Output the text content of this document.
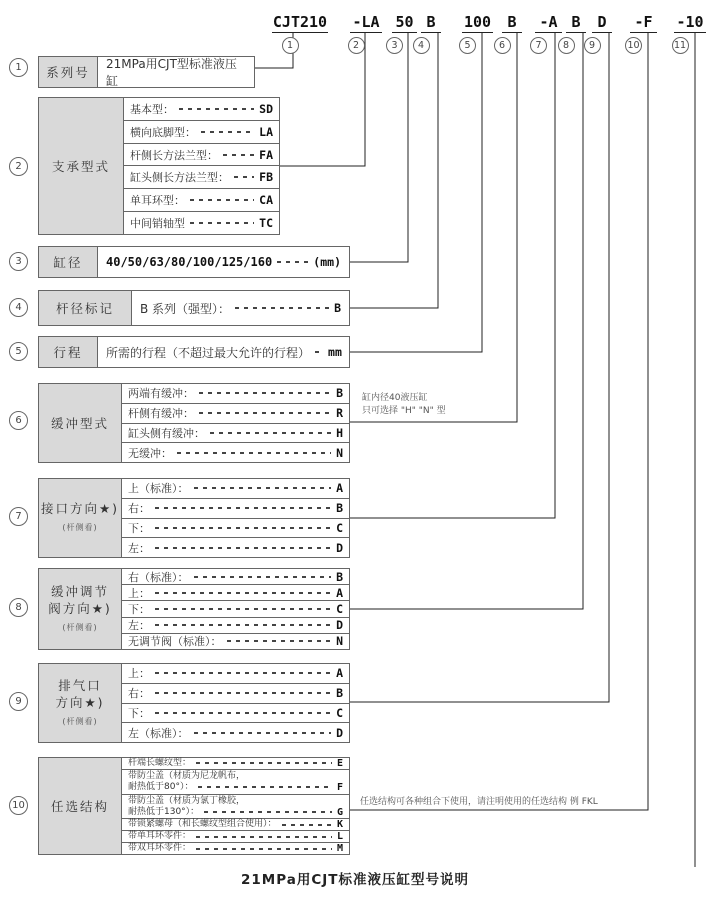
CJT210
1
-LA
2
50
3
B
4
100
5
B
6
-A
7
B
8
D
9
-F
10
-10
11
1
2
3
4
5
6
7
8
9
10
系列号
21MPa用CJT型标准液压缸
支承型式
基本型：	SD
横向底脚型：	LA
杆侧长方法兰型：	FA
缸头侧长方法兰型：	FB
单耳环型：	CA
中间销轴型	TC
缸径	40/50/63/80/100/125/160	(mm)
杆径标记	B 系列（强型）：	B
行程	所需的行程（不超过最大允许的行程） mm
缓冲型式
两端有缓冲：	B
杆侧有缓冲：	R
缸头侧有缓冲：	H
无缓冲：	N
缸内径40液压缸
只可选择 "H" "N" 型
接口方向★)
(杆侧看)
上（标准）：	A
右：	B
下：	C
左：	D
缓冲调节
阀方向★)
(杆侧看)
右（标准）：	B
上：	A
下：	C
左：	D
无调节阀（标准）：	N
排气口
方向★)
(杆侧看)
上：	A
右：	B
下：	C
左（标准）：	D
任选结构
杆端长螺纹型：	E
带防尘盖（材质为尼龙帆布，
耐热低于80°）：	F
带防尘盖（材质为氯丁橡胶，
耐热低于130°）：	G
带锁紧螺母（和长螺纹型组合使用）：	K
带单耳环零件：	L
带双耳环零件：	M
任选结构可各种组合下使用，请注明使用的任选结构 例 FKL
21MPa用CJT标准液压缸型号说明
